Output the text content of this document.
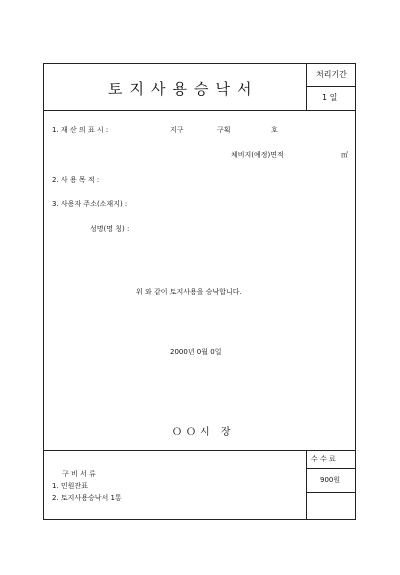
토지사용승낙서
처리기간
1 일
1. 재 산 의 표 시 :	지구	구획	호
체비지(예정)면적	㎡
2. 사 용 목 적 :
3. 사용자 주소(소재지) :
성명(명 칭) :
위 와 같이 토지사용을 승낙합니다.
2000년 0월 0일
ＯＯ시 장
구 비 서 류
1. 민원잔표
2. 토지사용승낙서 1통
수 수 료
900원
